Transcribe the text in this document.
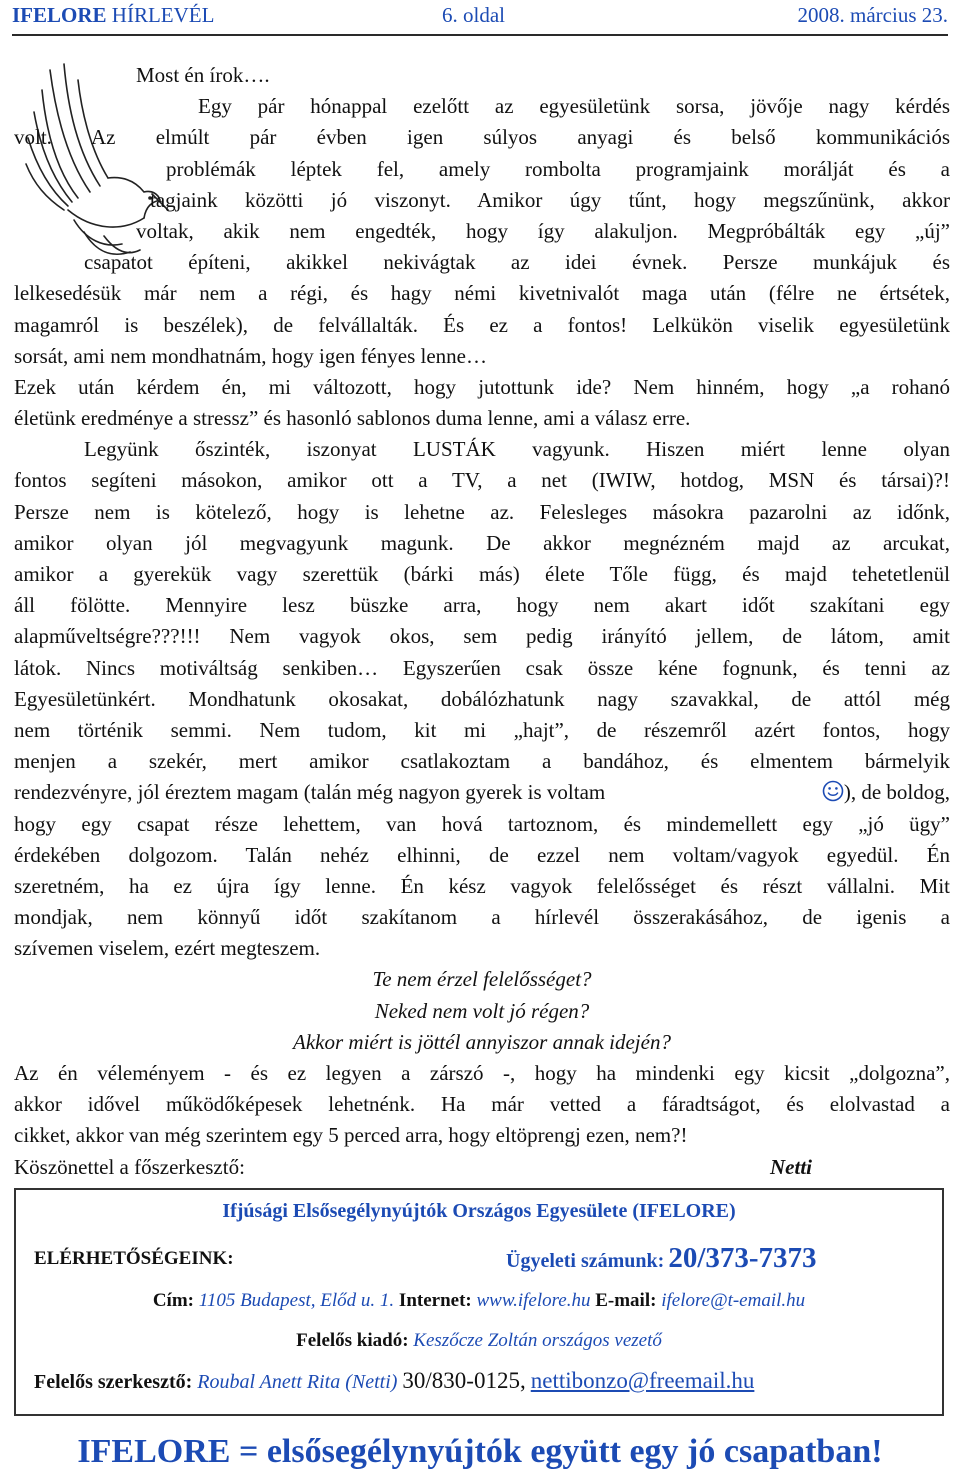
IFELORE HÍRLEVÉL	6. oldal	2008. március 23.
Most én írok….
Egy pár hónappal ezelőtt az egyesületünk sorsa, jövője nagy kérdés
volt. Az elmúlt pár évben igen súlyos anyagi és belső kommunikációs
problémák léptek fel, amely rombolta programjaink morálját és a
tagjaink közötti jó viszonyt. Amikor úgy tűnt, hogy megszűnünk, akkor
voltak, akik nem engedték, hogy így alakuljon. Megpróbálták egy „új”
csapatot építeni, akikkel nekivágtak az idei évnek. Persze munkájuk és
lelkesedésük már nem a régi, és hagy némi kivetnivalót maga után (félre ne értsétek,
magamról is beszélek), de felvállalták. És ez a fontos! Lelkükön viselik egyesületünk
sorsát, ami nem mondhatnám, hogy igen fényes lenne…
Ezek után kérdem én, mi változott, hogy jutottunk ide? Nem hinném, hogy „a rohanó
életünk eredménye a stressz” és hasonló sablonos duma lenne, ami a válasz erre.
Legyünk őszinték, iszonyat LUSTÁK vagyunk. Hiszen miért lenne olyan
fontos segíteni másokon, amikor ott a TV, a net (IWIW, hotdog, MSN és társai)?!
Persze nem is kötelező, hogy is lehetne az. Felesleges másokra pazarolni az időnk,
amikor olyan jól megvagyunk magunk. De akkor megnézném majd az arcukat,
amikor a gyerekük vagy szerettük (bárki más) élete Tőle függ, és majd tehetetlenül
áll fölötte. Mennyire lesz büszke arra, hogy nem akart időt szakítani egy
alapműveltségre???!!! Nem vagyok okos, sem pedig irányító jellem, de látom, amit
látok. Nincs motiváltság senkiben… Egyszerűen csak össze kéne fognunk, és tenni az
Egyesületünkért. Mondhatunk okosakat, dobálózhatunk nagy szavakkal, de attól még
nem történik semmi. Nem tudom, kit mi „hajt”, de részemről azért fontos, hogy
menjen a szekér, mert amikor csatlakoztam a bandához, és elmentem bármelyik
rendezvényre, jól éreztem magam (talán még nagyon gyerek is voltam	), de boldog,
hogy egy csapat része lehettem, van hová tartoznom, és mindemellett egy „jó ügy”
érdekében dolgozom. Talán nehéz elhinni, de ezzel nem voltam/vagyok egyedül. Én
szeretném, ha ez újra így lenne. Én kész vagyok felelősséget és részt vállalni. Mit
mondjak, nem könnyű időt szakítanom a hírlevél összerakásához, de igenis a
szívemen viselem, ezért megteszem.
Te nem érzel felelősséget?
Neked nem volt jó régen?
Akkor miért is jöttél annyiszor annak idején?
Az én véleményem - és ez legyen a zárszó -, hogy ha mindenki egy kicsit „dolgozna”,
akkor idővel működőképesek lehetnénk. Ha már vetted a fáradtságot, és elolvastad a
cikket, akkor van még szerintem egy 5 perced arra, hogy eltöprengj ezen, nem?!
Köszönettel a főszerkesztő:	Netti
Ifjúsági Elsősegélynyújtók Országos Egyesülete (IFELORE)
ELÉRHETŐSÉGEINK:	Ügyeleti számunk: 20/373-7373
Cím: 1105 Budapest, Előd u. 1. Internet: www.ifelore.hu E-mail: ifelore@t-email.hu
Felelős kiadó: Keszőcze Zoltán országos vezető
Felelős szerkesztő: Roubal Anett Rita (Netti) 30/830-0125, nettibonzo@freemail.hu
IFELORE = elsősegélynyújtók együtt egy jó csapatban!
